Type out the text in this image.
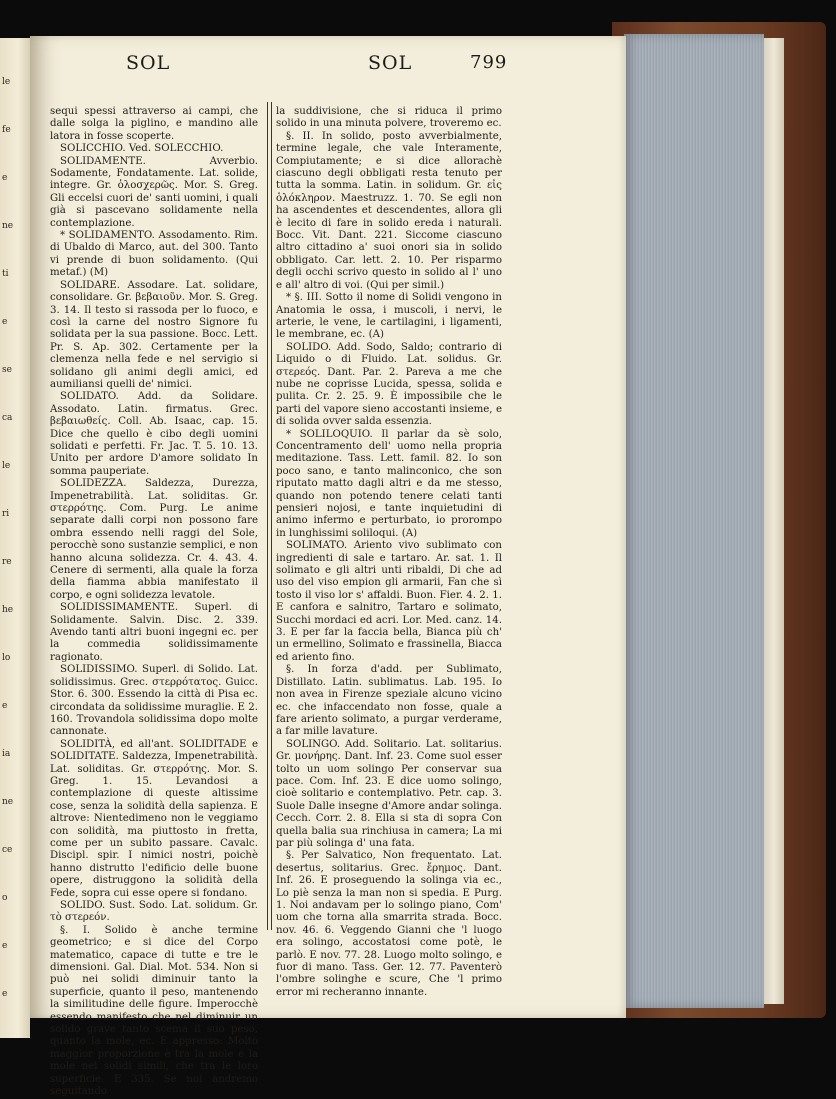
le
fe
e
ne
ti
e
se
ca
le
ri
re
he
lo
e
ia
ne
ce
o
e
e
SOL	SOL	799

sequi spessi attraverso ai campi, che dalle solga la piglino, e mandino alle latora in fosse scoperte.

SOLICCHIO. Ved. SOLECCHIO.

SOLIDAMENTE. Avverbio. Sodamente, Fondatamente. Lat. solide, integre. Gr. ὁλοσχερῶς. Mor. S. Greg. Gli eccelsi cuori de' santi uomini, i quali già si pascevano solidamente nella contemplazione.

* SOLIDAMENTO. Assodamento. Rim. di Ubaldo di Marco, aut. del 300. Tanto vi prende di buon solidamento. (Qui metaf.) (M)

SOLIDARE. Assodare. Lat. solidare, consolidare. Gr. βεβαιοῦν. Mor. S. Greg. 3. 14. Il testo si rassoda per lo fuoco, e così la carne del nostro Signore fu solidata per la sua passione. Bocc. Lett. Pr. S. Ap. 302. Certamente per la clemenza nella fede e nel servigio si solidano gli animi degli amici, ed aumiliansi quelli de' nimici.

SOLIDATO. Add. da Solidare. Assodato. Latin. firmatus. Grec. βεβαιωθείς. Coll. Ab. Isaac, cap. 15. Dice che quello è cibo degli uomini solidati e perfetti. Fr. Jac. T. 5. 10. 13. Unito per ardore D'amore solidato In somma pauperiate.

SOLIDEZZA. Saldezza, Durezza, Impenetrabilità. Lat. soliditas. Gr. στερρότης. Com. Purg. Le anime separate dalli corpi non possono fare ombra essendo nelli raggi del Sole, perocchè sono sustanzie semplici, e non hanno alcuna solidezza. Cr. 4. 43. 4. Cenere di sermenti, alla quale la forza della fiamma abbia manifestato il corpo, e ogni solidezza levatole.

SOLIDISSIMAMENTE. Superl. di Solidamente. Salvin. Disc. 2. 339. Avendo tanti altri buoni ingegni ec. per la commedia solidissimamente ragionato.

SOLIDISSIMO. Superl. di Solido. Lat. solidissimus. Grec. στερρότατος. Guicc. Stor. 6. 300. Essendo la città di Pisa ec. circondata da solidissime muraglie. E 2. 160. Trovandola solidissima dopo molte cannonate.

SOLIDITÀ, ed all'ant. SOLIDITADE e SOLIDITATE. Saldezza, Impenetrabilità. Lat. soliditas. Gr. στερρότης. Mor. S. Greg. 1. 15. Levandosi a contemplazione di queste altissime cose, senza la solidità della sapienza. E altrove: Nientedimeno non le veggiamo con solidità, ma piuttosto in fretta, come per un subito passare. Cavalc. Discipl. spir. I nimici nostri, poichè hanno distrutto l'edificio delle buone opere, distruggono la solidità della Fede, sopra cui esse opere si fondano.

SOLIDO. Sust. Sodo. Lat. solidum. Gr. τὸ στερεόν.

§. I. Solido è anche termine geometrico; e si dice del Corpo matematico, capace di tutte e tre le dimensioni. Gal. Dial. Mot. 534. Non si può nei solidi diminuir tanto la superficie, quanto il peso, mantenendo la similitudine delle figure. Imperocchè essendo manifesto che nel diminuir un solido grave tanto scema il suo peso, quanto la mole, ec. E appresso: Molto maggior proporzione è tra la mole e la mole nei solidi simili, che tra le loro superficie. E 335. Se noi andremo seguitando

la suddivisione, che si riduca il primo solido in una minuta polvere, troveremo ec.

§. II. In solido, posto avverbialmente, termine legale, che vale Interamente, Compiutamente; e si dice allorachè ciascuno degli obbligati resta tenuto per tutta la somma. Latin. in solidum. Gr. εἰς ὁλόκληρον. Maestruzz. 1. 70. Se egli non ha ascendentes et descendentes, allora gli è lecito di fare in solido ereda i naturali. Bocc. Vit. Dant. 221. Siccome ciascuno altro cittadino a' suoi onori sia in solido obbligato. Car. lett. 2. 10. Per risparmo degli occhi scrivo questo in solido al l' uno e all' altro di voi. (Qui per simil.)

* §. III. Sotto il nome di Solidi vengono in Anatomia le ossa, i muscoli, i nervi, le arterie, le vene, le cartilagini, i ligamenti, le membrane, ec. (A)

SOLIDO. Add. Sodo, Saldo; contrario di Liquido o di Fluido. Lat. solidus. Gr. στερεός. Dant. Par. 2. Pareva a me che nube ne coprisse Lucida, spessa, solida e pulita. Cr. 2. 25. 9. È impossibile che le parti del vapore sieno accostanti insieme, e di solida ovver salda essenzia.

* SOLILOQUIO. Il parlar da sè solo, Concentramento dell' uomo nella propria meditazione. Tass. Lett. famil. 82. Io son poco sano, e tanto malinconico, che son riputato matto dagli altri e da me stesso, quando non potendo tenere celati tanti pensieri nojosi, e tante inquietudini di animo infermo e perturbato, io prorompo in lunghissimi soliloqui. (A)

SOLIMATO. Ariento vivo sublimato con ingredienti di sale e tartaro. Ar. sat. 1. Il solimato e gli altri unti ribaldi, Di che ad uso del viso empion gli armarii, Fan che sì tosto il viso lor s' affaldi. Buon. Fier. 4. 2. 1. E canfora e salnitro, Tartaro e solimato, Succhi mordaci ed acri. Lor. Med. canz. 14. 3. E per far la faccia bella, Bianca più ch' un ermellino, Solimato e frassinella, Biacca ed ariento fino.

§. In forza d'add. per Sublimato, Distillato. Latin. sublimatus. Lab. 195. Io non avea in Firenze speziale alcuno vicino ec. che infaccendato non fosse, quale a fare ariento solimato, a purgar verderame, a far mille lavature.

SOLINGO. Add. Solitario. Lat. solitarius. Gr. μονήρης. Dant. Inf. 23. Come suol esser tolto un uom solingo Per conservar sua pace. Com. Inf. 23. E dice uomo solingo, cioè solitario e contemplativo. Petr. cap. 3. Suole Dalle insegne d'Amore andar solinga. Cecch. Corr. 2. 8. Ella si sta di sopra Con quella balia sua rinchiusa in camera; La mi par più solinga d' una fata.

§. Per Salvatico, Non frequentato. Lat. desertus, solitarius. Grec. ἔρημος. Dant. Inf. 26. E proseguendo la solinga via ec., Lo piè senza la man non si spedia. E Purg. 1. Noi andavam per lo solingo piano, Com' uom che torna alla smarrita strada. Bocc. nov. 46. 6. Veggendo Gianni che 'l luogo era solingo, accostatosi come potè, le parlò. E nov. 77. 28. Luogo molto solingo, e fuor di mano. Tass. Ger. 12. 77. Paventerò l'ombre solinghe e scure, Che 'l primo error mi recheranno innante.
